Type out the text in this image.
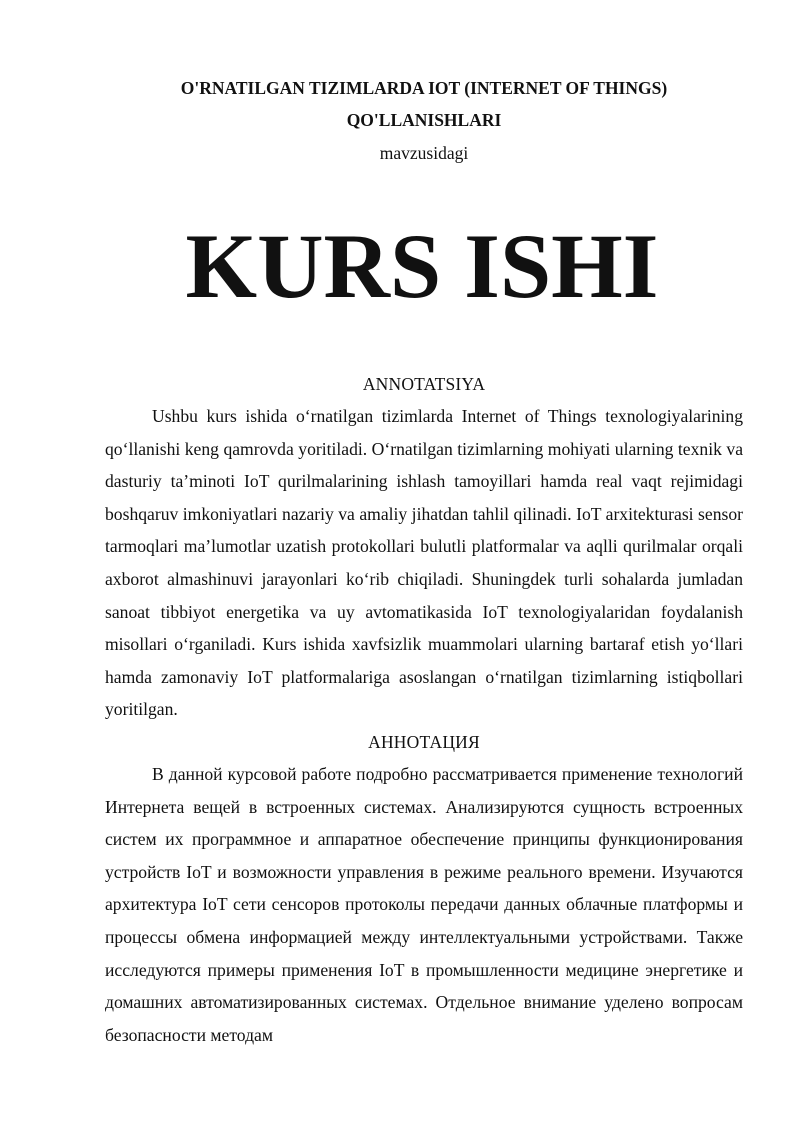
O'RNATILGAN TIZIMLARDA IOT (INTERNET OF THINGS)
QO'LLANISHLARI
mavzusidagi
KURS ISHI
ANNOTATSIYA

Ushbu kurs ishida o‘rnatilgan tizimlarda Internet of Things texnologiyalarining qo‘llanishi keng qamrovda yoritiladi. O‘rnatilgan tizimlarning mohiyati ularning texnik va dasturiy ta’minoti IoT qurilmalarining ishlash tamoyillari hamda real vaqt rejimidagi boshqaruv imkoniyatlari nazariy va amaliy jihatdan tahlil qilinadi. IoT arxitekturasi sensor tarmoqlari ma’lumotlar uzatish protokollari bulutli platformalar va aqlli qurilmalar orqali axborot almashinuvi jarayonlari ko‘rib chiqiladi. Shuningdek turli sohalarda jumladan sanoat tibbiyot energetika va uy avtomatikasida IoT texnologiyalaridan foydalanish misollari o‘rganiladi. Kurs ishida xavfsizlik muammolari ularning bartaraf etish yo‘llari hamda zamonaviy IoT platformalariga asoslangan o‘rnatilgan tizimlarning istiqbollari yoritilgan.

АННОТАЦИЯ

В данной курсовой работе подробно рассматривается применение технологий Интернета вещей в встроенных системах. Анализируются сущность встроенных систем их программное и аппаратное обеспечение принципы функционирования устройств IoT и возможности управления в режиме реального времени. Изучаются архитектура IoT сети сенсоров протоколы передачи данных облачные платформы и процессы обмена информацией между интеллектуальными устройствами. Также исследуются примеры применения IoT в промышленности медицине энергетике и домашних автоматизированных системах. Отдельное внимание уделено вопросам безопасности методам
